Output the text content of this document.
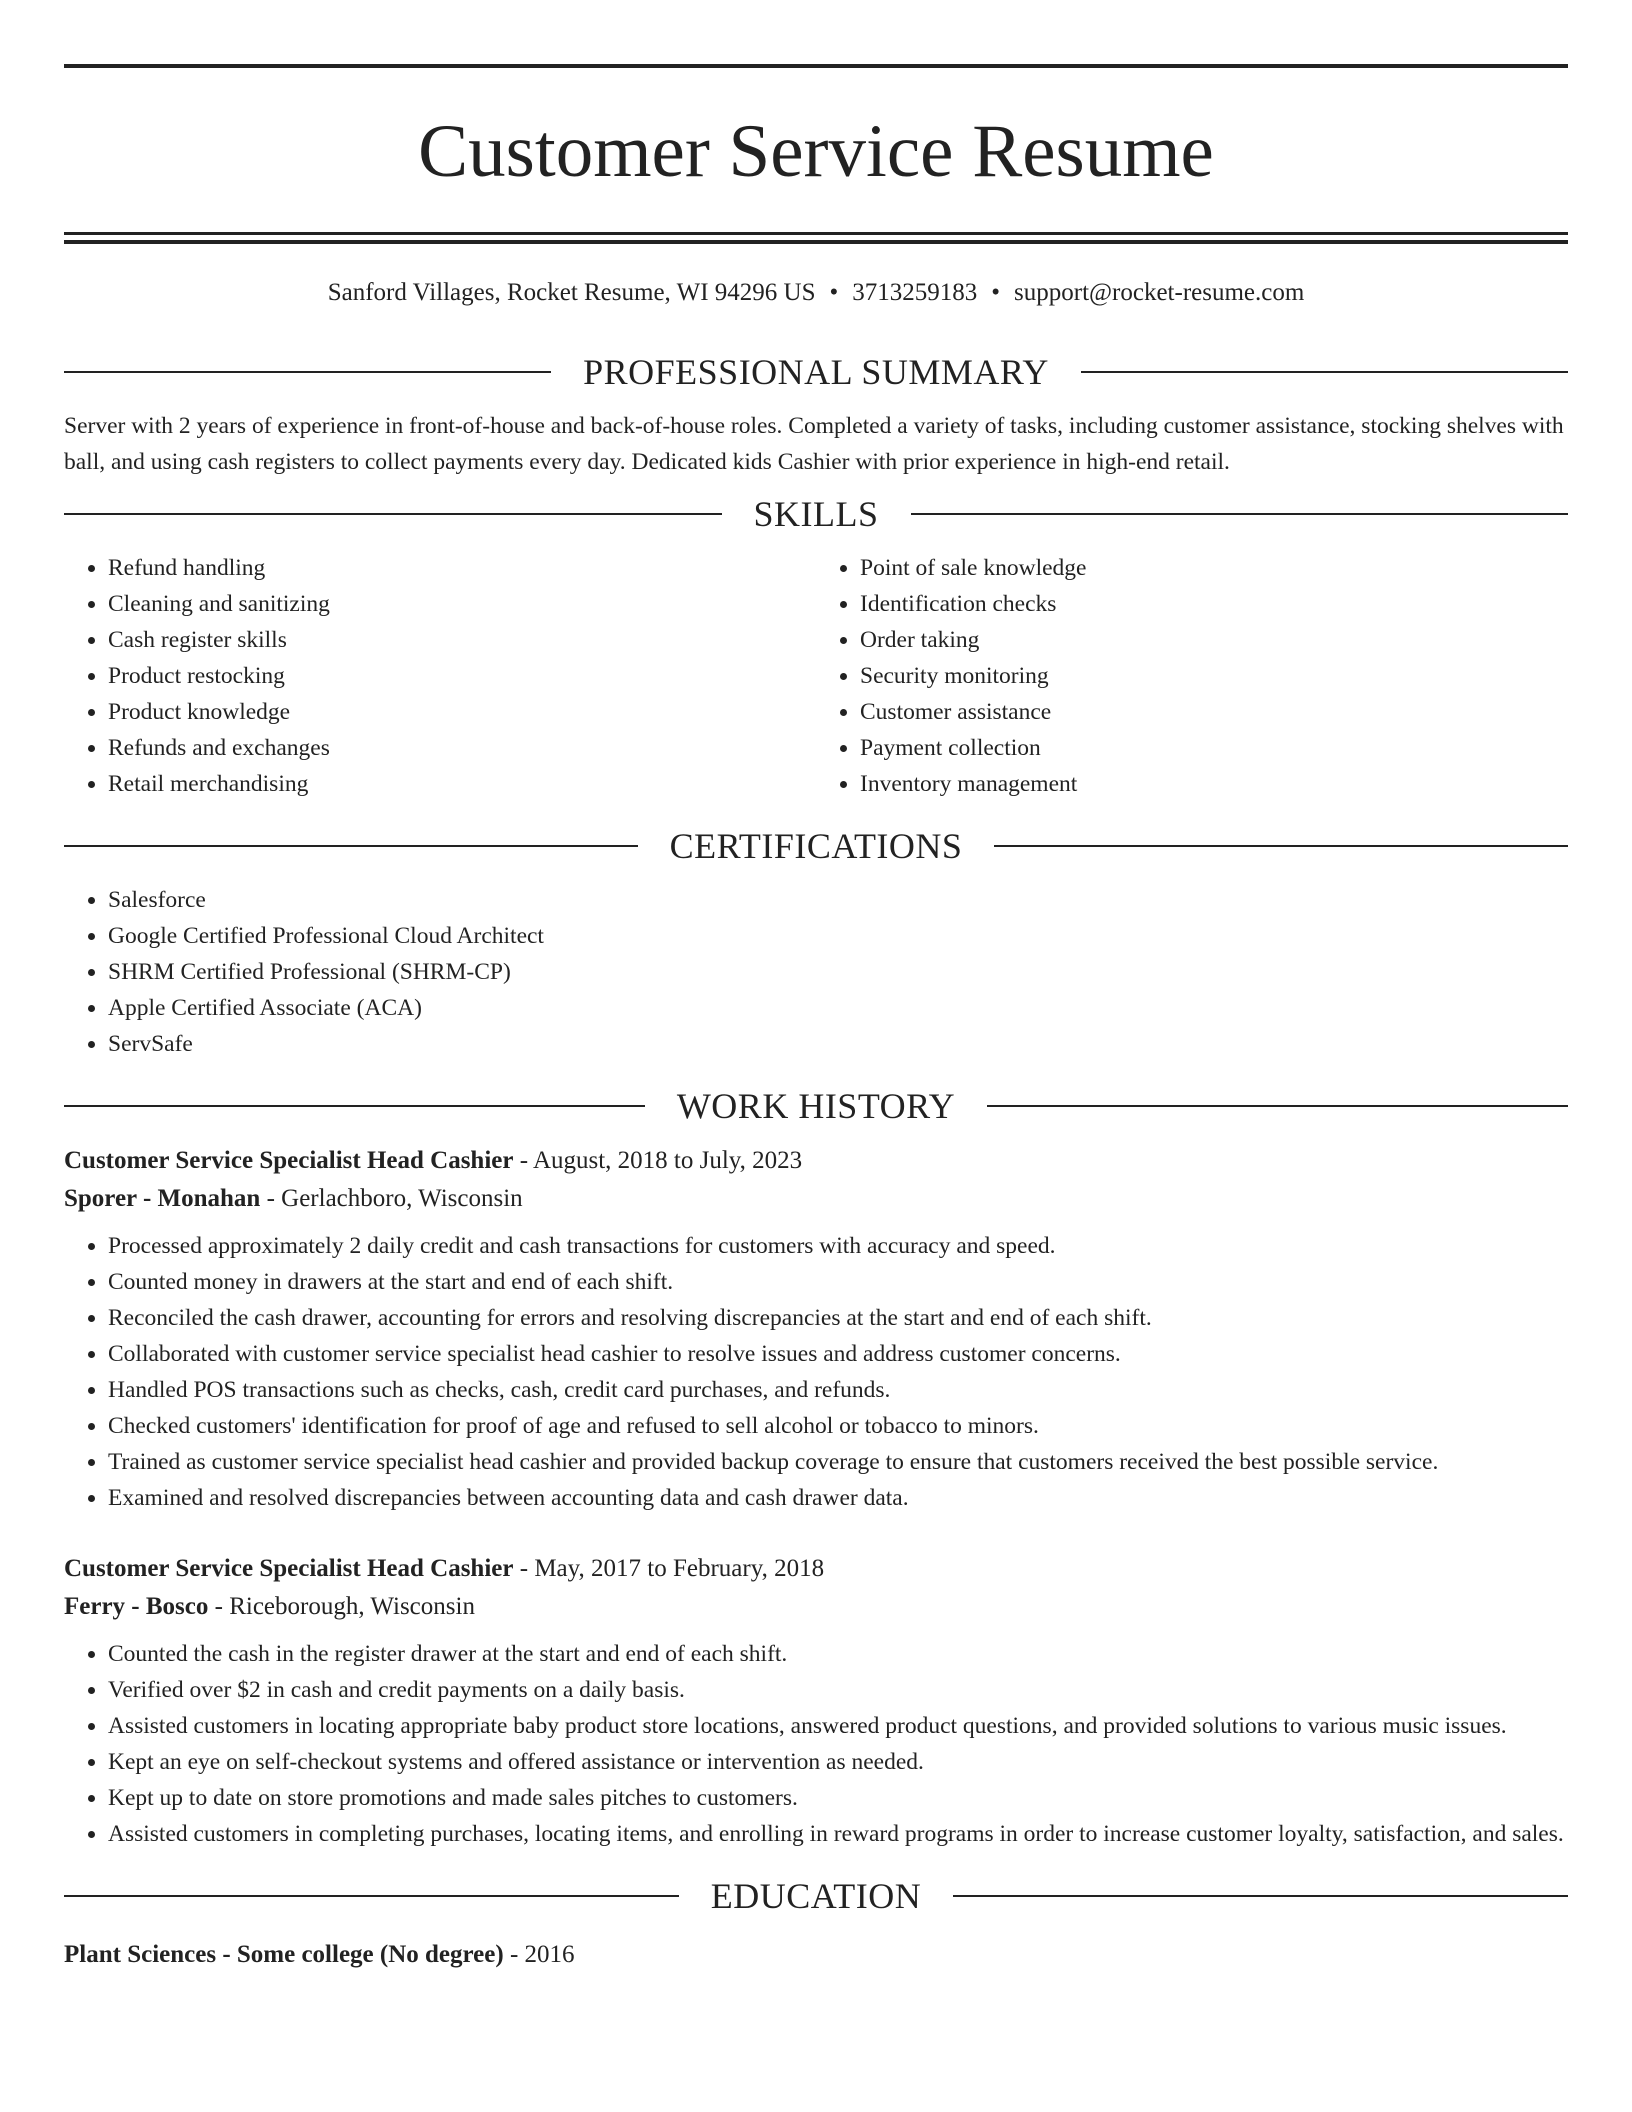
Customer Service Resume
Sanford Villages, Rocket Resume, WI 94296 US • 3713259183 • support@rocket-resume.com
PROFESSIONAL SUMMARY

Server with 2 years of experience in front-of-house and back-of-house roles. Completed a variety of tasks, including customer assistance, stocking shelves with ball, and using cash registers to collect payments every day. Dedicated kids Cashier with prior experience in high-end retail.

SKILLS
• Refund handling
• Cleaning and sanitizing
• Cash register skills
• Product restocking
• Product knowledge
• Refunds and exchanges
• Retail merchandising
• Point of sale knowledge
• Identification checks
• Order taking
• Security monitoring
• Customer assistance
• Payment collection
• Inventory management
CERTIFICATIONS
• Salesforce
• Google Certified Professional Cloud Architect
• SHRM Certified Professional (SHRM-CP)
• Apple Certified Associate (ACA)
• ServSafe
WORK HISTORY
Customer Service Specialist Head Cashier - August, 2018 to July, 2023
Sporer - Monahan - Gerlachboro, Wisconsin
• Processed approximately 2 daily credit and cash transactions for customers with accuracy and speed.
• Counted money in drawers at the start and end of each shift.
• Reconciled the cash drawer, accounting for errors and resolving discrepancies at the start and end of each shift.
• Collaborated with customer service specialist head cashier to resolve issues and address customer concerns.
• Handled POS transactions such as checks, cash, credit card purchases, and refunds.
• Checked customers' identification for proof of age and refused to sell alcohol or tobacco to minors.
• Trained as customer service specialist head cashier and provided backup coverage to ensure that customers received the best possible service.
• Examined and resolved discrepancies between accounting data and cash drawer data.
Customer Service Specialist Head Cashier - May, 2017 to February, 2018
Ferry - Bosco - Riceborough, Wisconsin
• Counted the cash in the register drawer at the start and end of each shift.
• Verified over $2 in cash and credit payments on a daily basis.
• Assisted customers in locating appropriate baby product store locations, answered product questions, and provided solutions to various music issues.
• Kept an eye on self-checkout systems and offered assistance or intervention as needed.
• Kept up to date on store promotions and made sales pitches to customers.
• Assisted customers in completing purchases, locating items, and enrolling in reward programs in order to increase customer loyalty, satisfaction, and sales.
EDUCATION
Plant Sciences - Some college (No degree) - 2016
